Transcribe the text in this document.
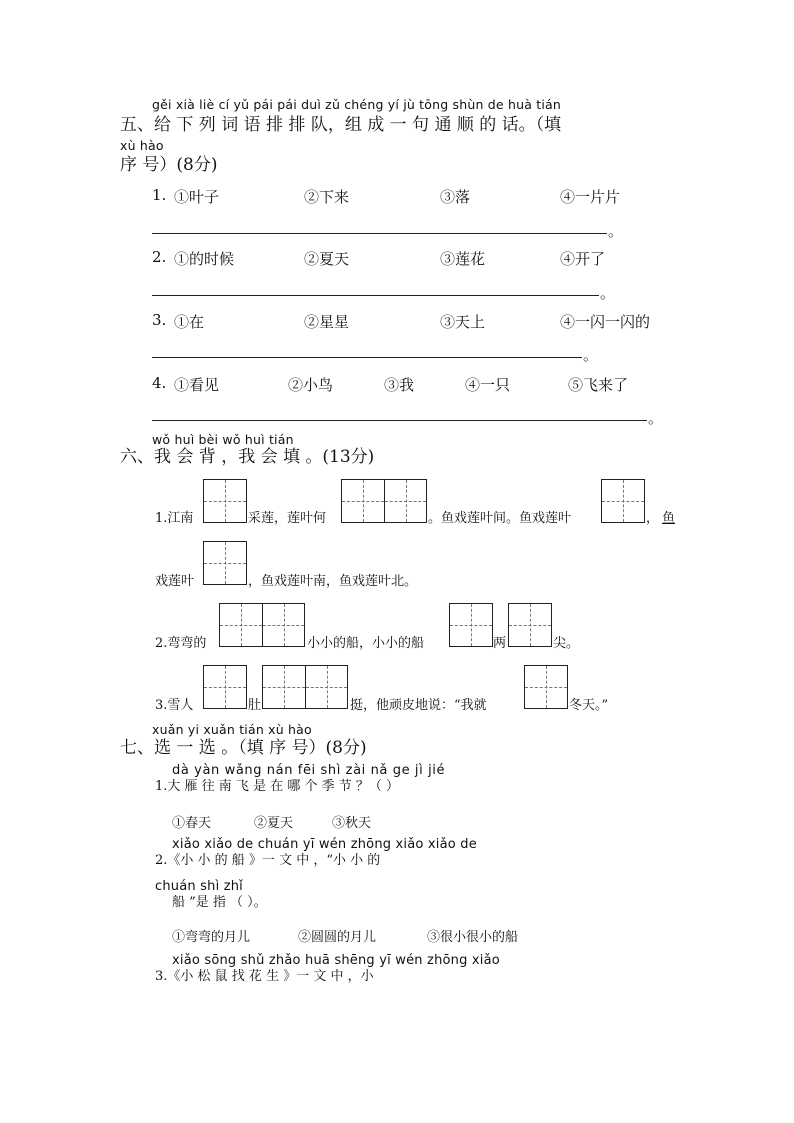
gěi xià liè cí yǔ pái pái duì zǔ chéng yí jù tōng shùn de huà tián
五、给 下 列 词 语 排 排 队，组 成 一 句 通 顺 的 话。（填
xù hào
序 号）(8分)
1. ①叶子	②下来	③落	④一片片
。
2. ①的时候	②夏天	③莲花	④开了
。
3. ①在	②星星	③天上	④一闪一闪的
。
4. ①看见	②小鸟	③我	④一只	⑤飞来了
。
wǒ huì bèi wǒ huì tián
六、我 会 背 ，我 会 填 。(13分)
1.江南	采莲，莲叶何	。鱼戏莲叶间。鱼戏莲叶	， 鱼
戏莲叶	，鱼戏莲叶南，鱼戏莲叶北。
2.弯弯的	小小的船，小小的船	两	尖。
3.雪人	肚	挺，他顽皮地说：“我就	冬天。”
xuǎn yi xuǎn tián xù hào
七、选 一 选 。（填 序 号）(8分)
dà yàn wǎng nán fēi shì zài nǎ ge jì jié
1.大 雁 往 南 飞 是 在 哪 个 季 节 ？（ ）
①春天	②夏天	③秋天
xiǎo xiǎo de chuán yī wén zhōng xiǎo xiǎo de
2.《小 小 的 船 》一 文 中 ，“小 小 的
chuán shì zhǐ
船 ”是 指 （ ）。
①弯弯的月儿	②圆圆的月儿	③很小很小的船
xiǎo sōng shǔ zhǎo huā shēng yī wén zhōng xiǎo
3.《小 松 鼠 找 花 生 》一 文 中 ，小
